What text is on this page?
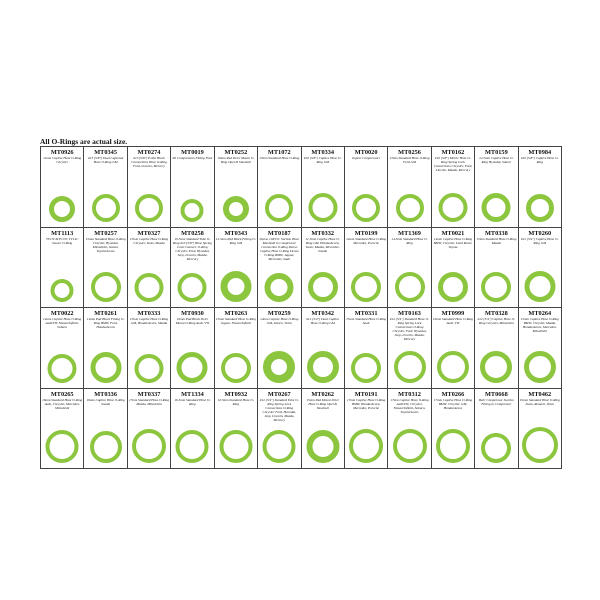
All O-Rings are actual size.
MT0926
11mm Captive Hose O-Ring Chrysler
MT0345
#13 (5/8") Dual Captured Hose O-Ring GM
MT0274
#13 (5/8") P-Nut Block Connections Hose O-Ring Ford, Lincoln, Mercury
MT0019
#6 Compression Fitting Ford
MT0252
10mm Pad Drier Mount O-Ring Opel & Vauxhall
MT1072
13mm Standard Hose O-Ring
MT0334
#10 (5/8") Captive Hose O-Ring GM
MT0020
Import Compressors
MT0256
13mm Standard Hose O-Ring Ford GM
MT0162
#10 (5/8") Metric Hose O-Ring Spring Lock Connections Chrysler, Ford, Lincoln, Mazda, Mercury
MT0159
12.5mm Captive Hose O-Ring Hyundai, Saturn
MT0984
#10 (5/8") Captive Hose O-Ring
MT1113
TV13C&TV13C TV14C Sensor O-Ring
MT0257
15mm Standard Hose O-Ring Chrysler, Hyundai, Mitsubishi, Suzuki, Toyota/Lexus
MT0327
13mm Captive Hose O-Ring Chrysler, Isuzu, Mazda
MT0258
10.5mm Standard Tube O-Ring #10 (3/8") Hose Spring Lock Connect. O-Ring Chrysler, Ford, Hyundai, Jeep, Lincoln, Mazda, Mercury
MT0343
12.5mm Pad Block Fitting O-Ring GM
MT0187
Denso 10P15C Suction Hose Manifold to Compressor Connection O-Ring Denso Captive Hose O-Ring Denso O-Ring BMW, Jaguar, Mercedes, Saab
MT0332
11.5mm Captive Hose O-Ring GM, Honda/Acura, Isuzu, Mazda, Mercedes, Suzuki
MT0199
14mm Standard Hose O-Ring Mercedes, Porsche
MT1369
14.5mm Standard Hose O-Ring
MT0021
14mm Captive Hose O-Ring BMW, Chrysler, Land Rover, Toyota
MT0338
15mm Standard Hose O-Ring Mazda
MT0260
#12 (3/4") Captive Hose O-Ring GM
MT0022
14mm Captive Hose O-Ring Audi/VW Nissan/Infiniti, Subaru
MT0261
14mm Pad Block Fitting O-Ring BMW, Ford, Honda/Acura
MT0333
13mm Captive Hose O-Ring GM, Honda/Acura, Mazda
MT0930
16mm Pad Block Drier Mount O-Ring Audi, VW
MT0263
15mm Standard Hose O-Ring Jaguar, Nissan/Infiniti
MT0259
14mm Captive Hose O-Ring GM, Saturn, Volvo
MT0342
#12 (3/4") Dual Captive Hose O-Ring GM
MT0331
15mm Standard Hose O-Ring Saab
MT0163
#12 (3/4") Standard Hose O-Ring Spring Lock Connections O-Ring Chrysler, Ford, Hyundai, Jeep, Lincoln, Mazda, Mercury
MT0999
16mm Standard Hose O-Ring Audi, VW
MT0328
#12 (3/4") Captive Hose O-Ring Chrysler, Mitsubishi
MT0264
15mm Captive Hose O-Ring BMW, Chrysler, Mazda, Honda/Acura, Mercedes, Mitsubishi
MT0265
16mm Standard Hose O-Ring Audi, Chrysler, Mercedes, Mitsubishi
MT0336
16mm Captive Hose O-Ring Suzuki
MT0337
17mm Standard Hose O-Ring Mazda, Mitsubishi
MT1334
16.5mm Standard Hose O-Ring
MT0932
16.5mm Standard Hose O-Ring
MT0267
#12 (3/4") Standard Tube O-Ring Spring Lock Connections O-Ring Chrysler Ford, Hyundai, Jeep, Lincoln, Mazda, Mercury
MT0262
15mm Pad Mount Drier Hose O-Ring Opel & Vauxhall
MT0191
17mm Captive Hose O-Ring BMW, Honda/Acura, Mercedes, Porsche
MT0312
17mm Captive Hose O-Ring Audi/VW, Chrysler, Nissan/Infiniti, Subaru, Toyota/Lexus
MT0266
17mm Captive Hose O-Ring BMW, Chrysler, GM, Honda/Acura
MT0668
Behr Compressor Suction Fitting to Compressor
MT0462
19mm Standard Hose O-Ring Isuzu, Renault, Volvo
